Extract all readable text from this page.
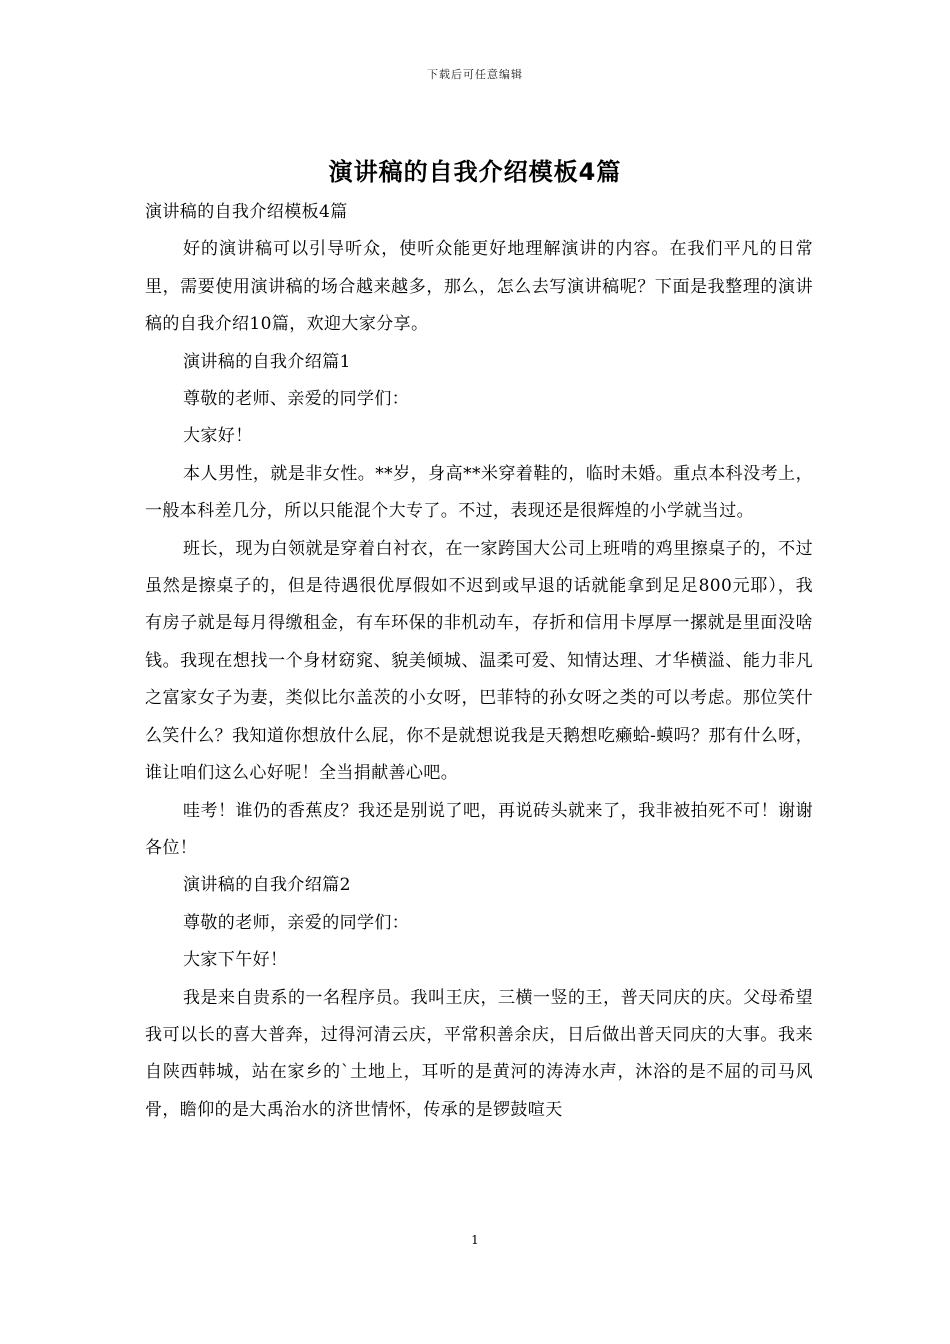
下载后可任意编辑
演讲稿的自我介绍模板4篇

演讲稿的自我介绍模板4篇

好的演讲稿可以引导听众，使听众能更好地理解演讲的内容。在我们平凡的日常里，需要使用演讲稿的场合越来越多，那么，怎么去写演讲稿呢？下面是我整理的演讲稿的自我介绍10篇，欢迎大家分享。

演讲稿的自我介绍篇1

尊敬的老师、亲爱的同学们：

大家好！

本人男性，就是非女性。**岁，身高**米穿着鞋的，临时未婚。重点本科没考上，一般本科差几分，所以只能混个大专了。不过，表现还是很辉煌的小学就当过。

班长，现为白领就是穿着白衬衣，在一家跨国大公司上班啃的鸡里擦桌子的，不过虽然是擦桌子的，但是待遇很优厚假如不迟到或早退的话就能拿到足足800元耶），我有房子就是每月得缴租金，有车环保的非机动车，存折和信用卡厚厚一摞就是里面没啥钱。我现在想找一个身材窈窕、貌美倾城、温柔可爱、知情达理、才华横溢、能力非凡之富家女子为妻，类似比尔盖茨的小女呀，巴菲特的孙女呀之类的可以考虑。那位笑什么笑什么？我知道你想放什么屁，你不是就想说我是天鹅想吃癞蛤-蟆吗？那有什么呀，谁让咱们这么心好呢！全当捐献善心吧。

哇考！谁仍的香蕉皮？我还是别说了吧，再说砖头就来了，我非被拍死不可！谢谢各位！

演讲稿的自我介绍篇2

尊敬的老师，亲爱的同学们：

大家下午好！

我是来自贵系的一名程序员。我叫王庆，三横一竖的王，普天同庆的庆。父母希望我可以长的喜大普奔，过得河清云庆，平常积善余庆，日后做出普天同庆的大事。我来自陕西韩城，站在家乡的`土地上，耳听的是黄河的涛涛水声，沐浴的是不屈的司马风骨，瞻仰的是大禹治水的济世情怀，传承的是锣鼓喧天

1
